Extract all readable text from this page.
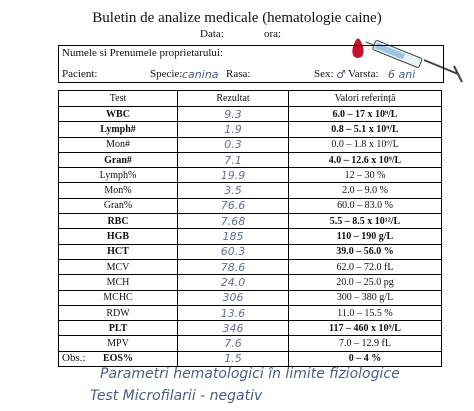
Buletin de analize medicale (hematologie caine)
Data:	ora:
Numele si Prenumele proprietarului:
Pacient:	Specie: canina Rasa:	Sex: ♂ Varsta: 6 ani
Test	Rezultat	Valori referință
WBC	9.3	6.0 – 17 x 10⁹/L
Lymph#	1.9	0.8 – 5.1 x 10⁹/L
Mon#	0.3	0.0 – 1.8 x 10⁹/L
Gran#	7.1	4.0 – 12.6 x 10⁹/L
Lymph%	19.9	12 – 30 %
Mon%	3.5	2.0 – 9.0 %
Gran%	76.6	60.0 – 83.0 %
RBC	7.68	5.5 – 8.5 x 10¹²/L
HGB	185	110 – 190 g/L
HCT	60.3	39.0 – 56.0 %
MCV	78.6	62.0 – 72.0 fL
MCH	24.0	20.0 – 25.0 pg
MCHC	306	300 – 380 g/L
RDW	13.6	11.0 – 15.5 %
PLT	346	117 – 460 x 10⁹/L
MPV	7.6	7.0 – 12.9 fL
EOS%	1.5	0 – 4 %
Obs.:
Parametri hematologici în limite fiziologice
Test Microfilarii - negativ
